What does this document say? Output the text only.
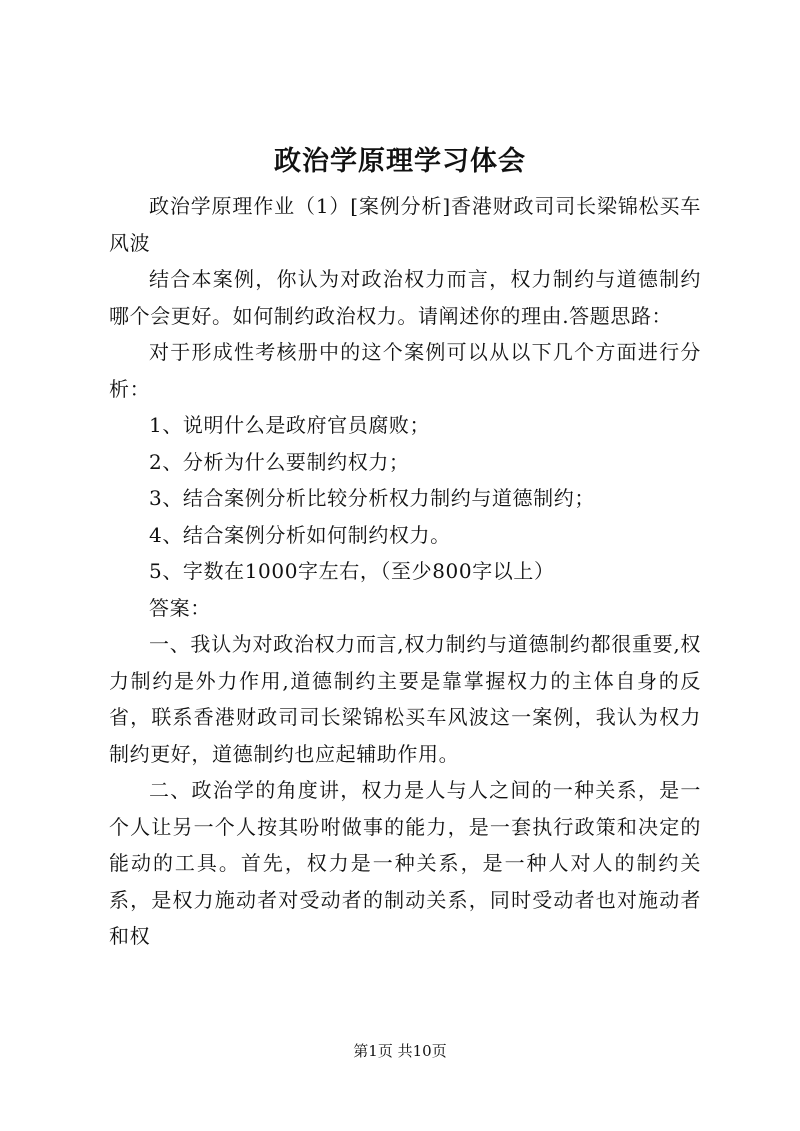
政治学原理学习体会

政治学原理作业（1）[案例分析]香港财政司司长梁锦松买车风波

结合本案例，你认为对政治权力而言，权力制约与道德制约哪个会更好。如何制约政治权力。请阐述你的理由.答题思路：

对于形成性考核册中的这个案例可以从以下几个方面进行分析：

1、说明什么是政府官员腐败；

2、分析为什么要制约权力；

3、结合案例分析比较分析权力制约与道德制约；

4、结合案例分析如何制约权力。

5、字数在1000字左右，（至少800字以上）

答案：

一、我认为对政治权力而言,权力制约与道德制约都很重要,权力制约是外力作用,道德制约主要是靠掌握权力的主体自身的反省，联系香港财政司司长梁锦松买车风波这一案例，我认为权力制约更好，道德制约也应起辅助作用。

二、政治学的角度讲，权力是人与人之间的一种关系，是一个人让另一个人按其吩咐做事的能力，是一套执行政策和决定的能动的工具。首先，权力是一种关系，是一种人对人的制约关系，是权力施动者对受动者的制动关系，同时受动者也对施动者和权

第1页 共10页
